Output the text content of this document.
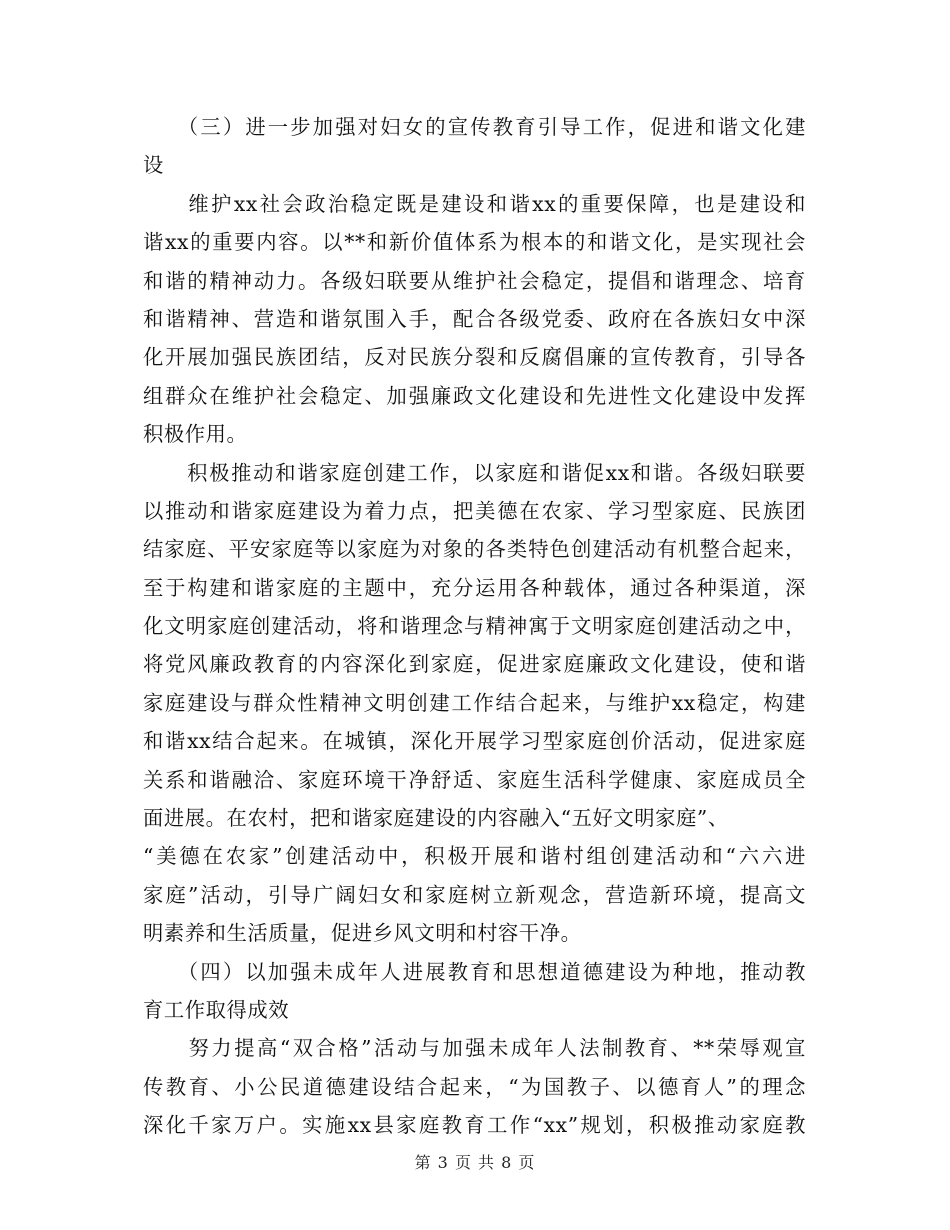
　　（三）进一步加强对妇女的宣传教育引导工作，促进和谐文化建
设
　　维护xx社会政治稳定既是建设和谐xx的重要保障，也是建设和
谐xx的重要内容。以**和新价值体系为根本的和谐文化，是实现社会
和谐的精神动力。各级妇联要从维护社会稳定，提倡和谐理念、培育
和谐精神、营造和谐氛围入手，配合各级党委、政府在各族妇女中深
化开展加强民族团结，反对民族分裂和反腐倡廉的宣传教育，引导各
组群众在维护社会稳定、加强廉政文化建设和先进性文化建设中发挥
积极作用。
　　积极推动和谐家庭创建工作，以家庭和谐促xx和谐。各级妇联要
以推动和谐家庭建设为着力点，把美德在农家、学习型家庭、民族团
结家庭、平安家庭等以家庭为对象的各类特色创建活动有机整合起来，
至于构建和谐家庭的主题中，充分运用各种载体，通过各种渠道，深
化文明家庭创建活动，将和谐理念与精神寓于文明家庭创建活动之中，
将党风廉政教育的内容深化到家庭，促进家庭廉政文化建设，使和谐
家庭建设与群众性精神文明创建工作结合起来，与维护xx稳定，构建
和谐xx结合起来。在城镇，深化开展学习型家庭创价活动，促进家庭
关系和谐融洽、家庭环境干净舒适、家庭生活科学健康、家庭成员全
面进展。在农村，把和谐家庭建设的内容融入“五好文明家庭”、
“美德在农家”创建活动中，积极开展和谐村组创建活动和“六六进
家庭”活动，引导广阔妇女和家庭树立新观念，营造新环境，提高文
明素养和生活质量，促进乡风文明和村容干净。
　　（四）以加强未成年人进展教育和思想道德建设为种地，推动教
育工作取得成效
　　努力提高“双合格”活动与加强未成年人法制教育、**荣辱观宣
传教育、小公民道德建设结合起来，“为国教子、以德育人”的理念
深化千家万户。实施xx县家庭教育工作“xx”规划，积极推动家庭教
第 3 页 共 8 页
